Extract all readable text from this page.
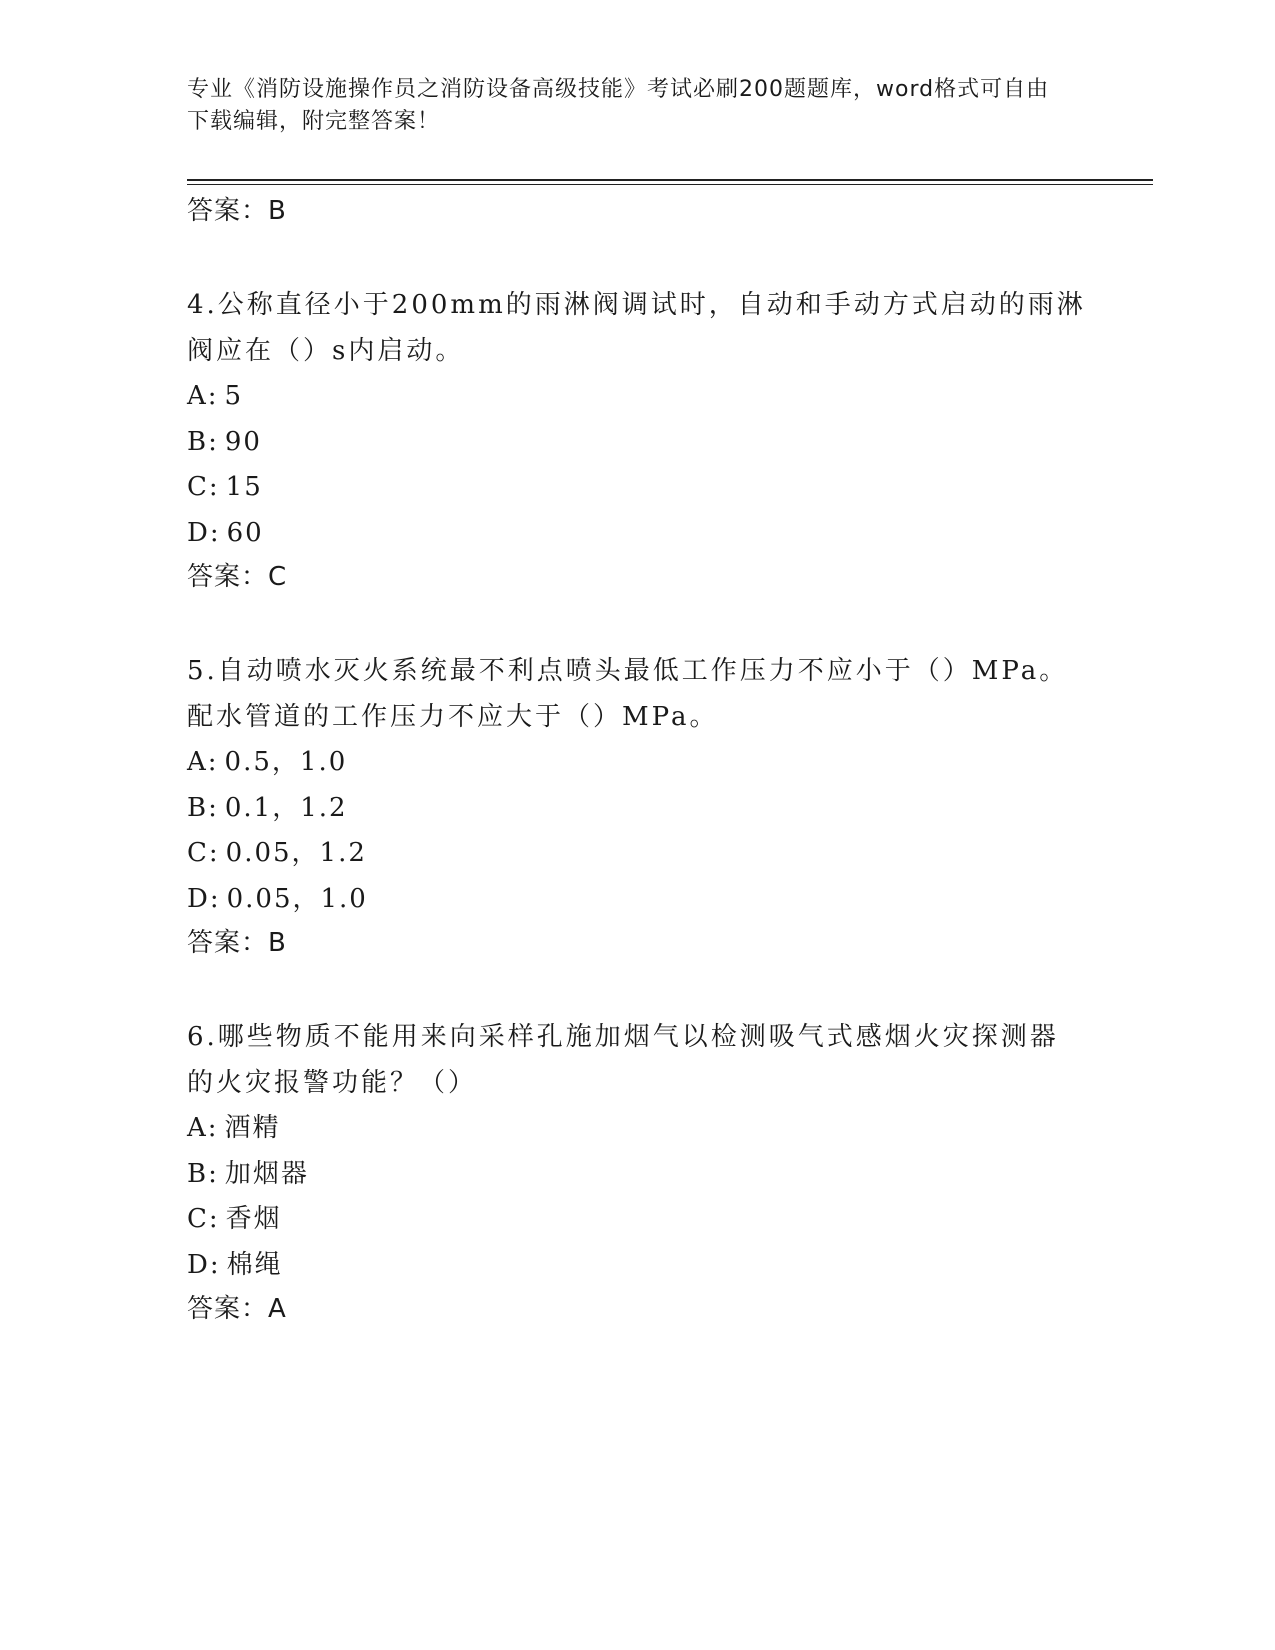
专业《消防设施操作员之消防设备高级技能》考试必刷200题题库，word格式可自由下载编辑，附完整答案！
答案：B
4.公称直径小于200mm的雨淋阀调试时，自动和手动方式启动的雨淋阀应在（）s内启动。
A: 5
B: 90
C: 15
D: 60
答案：C
5.自动喷水灭火系统最不利点喷头最低工作压力不应小于（）MPa。配水管道的工作压力不应大于（）MPa。
A: 0.5，1.0
B: 0.1，1.2
C: 0.05，1.2
D: 0.05，1.0
答案：B
6.哪些物质不能用来向采样孔施加烟气以检测吸气式感烟火灾探测器的火灾报警功能？（）
A: 酒精
B: 加烟器
C: 香烟
D: 棉绳
答案：A
